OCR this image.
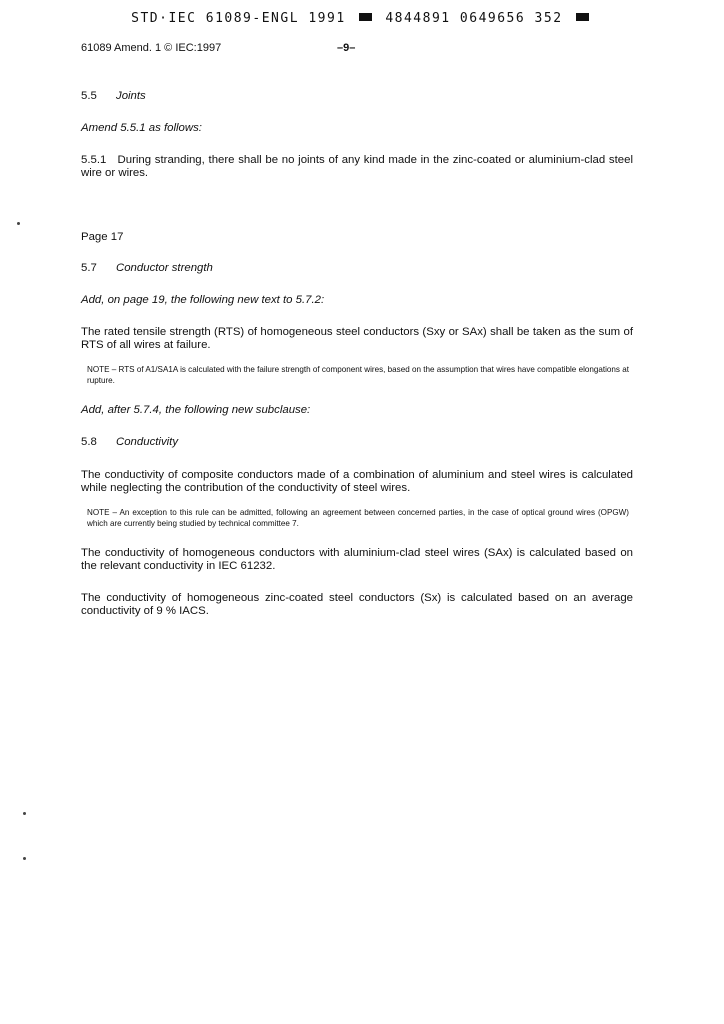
STD·IEC 61089-ENGL 1991	4844891 0649656 352
61089 Amend. 1 © IEC:1997	–9–
5.5 Joints
Amend 5.5.1 as follows:
5.5.1   During stranding, there shall be no joints of any kind made in the zinc-coated or aluminium-clad steel wire or wires.
Page 17
5.7 Conductor strength
Add, on page 19, the following new text to 5.7.2:
The rated tensile strength (RTS) of homogeneous steel conductors (Sxy or SAx) shall be taken as the sum of RTS of all wires at failure.
NOTE – RTS of A1/SA1A is calculated with the failure strength of component wires, based on the assumption that wires have compatible elongations at rupture.
Add, after 5.7.4, the following new subclause:
5.8 Conductivity
The conductivity of composite conductors made of a combination of aluminium and steel wires is calculated while neglecting the contribution of the conductivity of steel wires.
NOTE – An exception to this rule can be admitted, following an agreement between concerned parties, in the case of optical ground wires (OPGW) which are currently being studied by technical committee 7.
The conductivity of homogeneous conductors with aluminium-clad steel wires (SAx) is calculated based on the relevant conductivity in IEC 61232.
The conductivity of homogeneous zinc-coated steel conductors (Sx) is calculated based on an average conductivity of 9 % IACS.
